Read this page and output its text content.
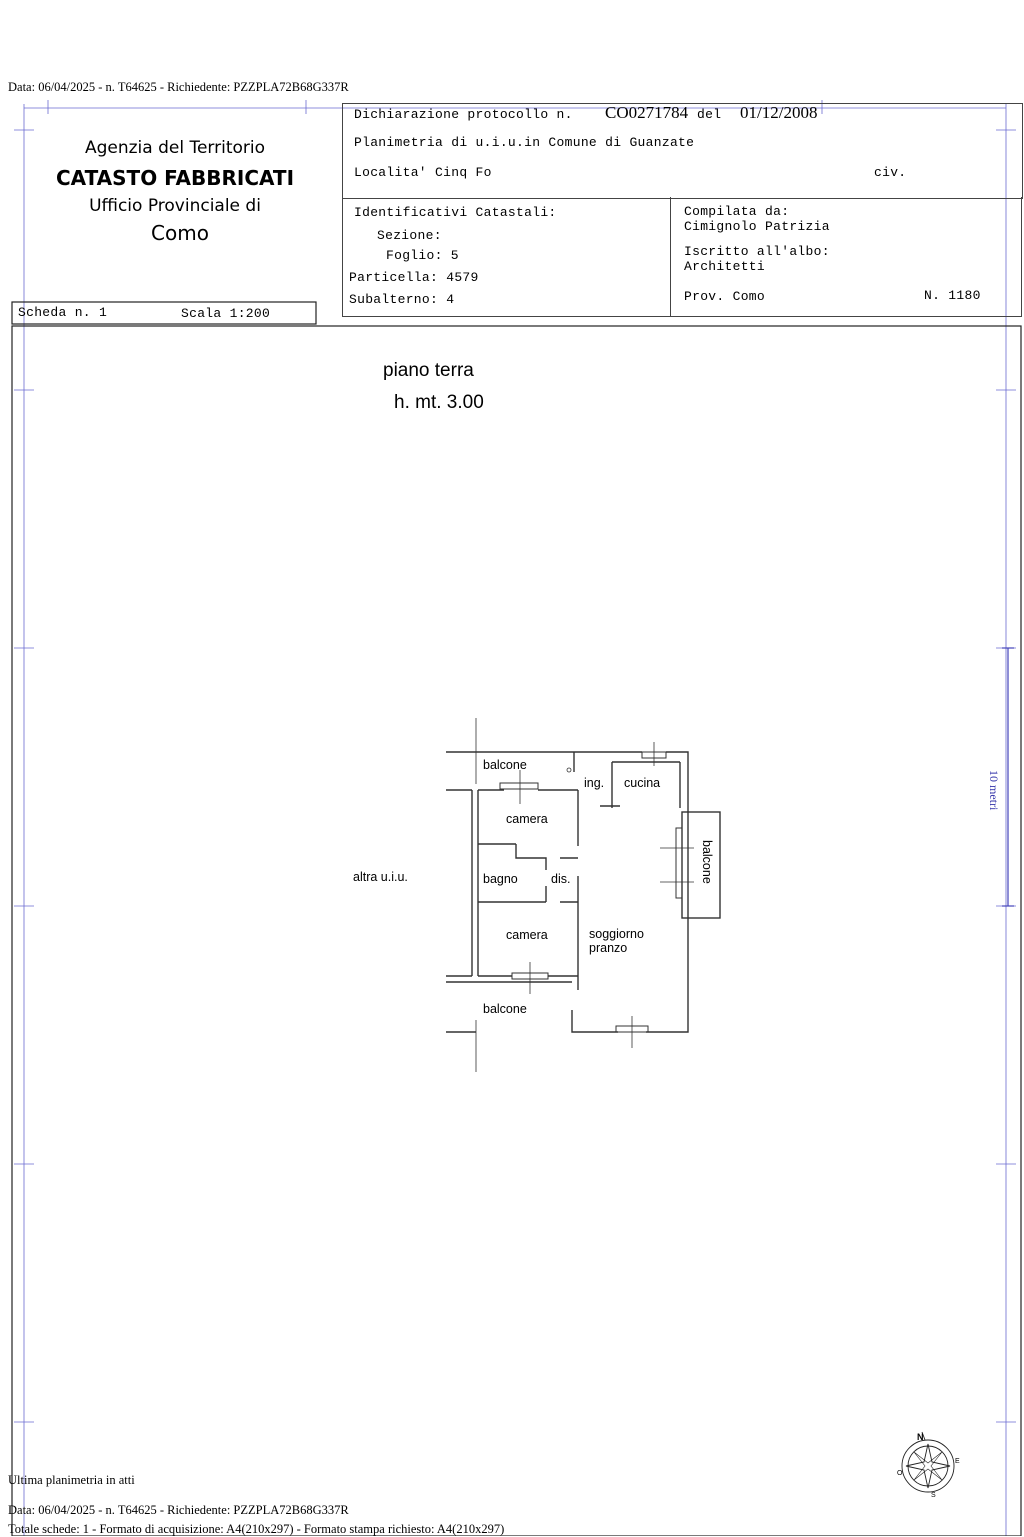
Data: 06/04/2025 - n. T64625 - Richiedente: PZZPLA72B68G337R
Agenzia del Territorio
CATASTO FABBRICATI
Ufficio Provinciale di
Como
Dichiarazione protocollo n. CO0271784 del 01/12/2008
Planimetria di u.i.u.in Comune di Guanzate
Localita' Cinq Fo	civ.
Identificativi Catastali:
Sezione:
Foglio: 5
Particella: 4579
Subalterno: 4
Compilata da:
Cimignolo Patrizia
Iscritto all'albo:
Architetti
Prov. Como	N. 1180
Scheda n. 1	Scala 1:200
piano terra
h. mt. 3.00
10 metri
balcone
ing. cucina
camera
balcone
altra u.i.u.	bagno	dis.
camera	soggiorno
pranzo
balcone
N
E
S
O
Ultima planimetria in atti
Data: 06/04/2025 - n. T64625 - Richiedente: PZZPLA72B68G337R
Totale schede: 1 - Formato di acquisizione: A4(210x297) - Formato stampa richiesto: A4(210x297)
